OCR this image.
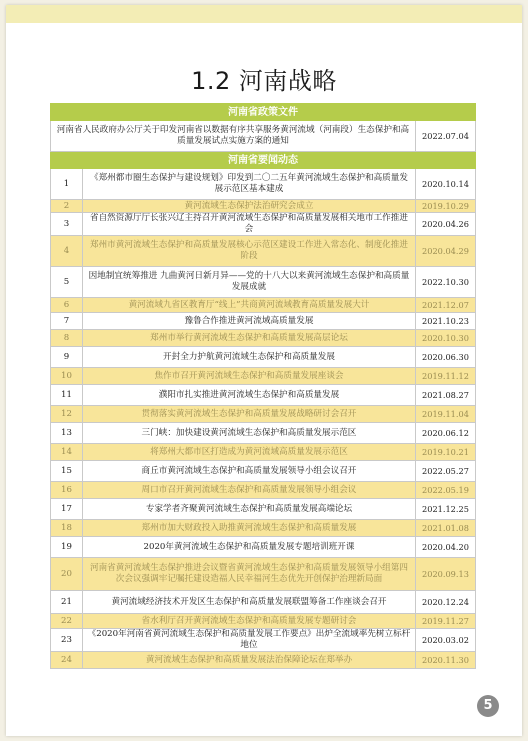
1.2 河南战略
河南省政策文件		
河南省人民政府办公厅关于印发河南省以数据有序共享服务黄河流域（河南段）生态保护和高质量发展试点实施方案的通知		2022.07.04
河南省要闻动态		
1	《郑州都市圈生态保护与建设规划》印发到二〇二五年黄河流域生态保护和高质量发展示范区基本建成	2020.10.14
2	黄河流域生态保护法治研究会成立	2019.10.29
3	省自然资源厅厅长张兴辽主持召开黄河流域生态保护和高质量发展相关地市工作推进会	2020.04.26
4	郑州市黄河流域生态保护和高质量发展核心示范区建设工作进入常态化、制度化推进阶段	2020.04.29
5	因地制宜统筹推进 九曲黄河日新月异——党的十八大以来黄河流域生态保护和高质量发展成就	2022.10.30
6	黄河流域九省区教育厅“线上”共商黄河流域教育高质量发展大计	2021.12.07
7	豫鲁合作推进黄河流域高质量发展	2021.10.23
8	郑州市举行黄河流域生态保护和高质量发展高层论坛	2020.10.30
9	开封全力护航黄河流域生态保护和高质量发展	2020.06.30
10	焦作市召开黄河流域生态保护和高质量发展座谈会	2019.11.12
11	濮阳市扎实推进黄河流域生态保护和高质量发展	2021.08.27
12	贯彻落实黄河流域生态保护和高质量发展战略研讨会召开	2019.11.04
13	三门峡：加快建设黄河流域生态保护和高质量发展示范区	2020.06.12
14	将郑州大都市区打造成为黄河流域高质量发展示范区	2019.10.21
15	商丘市黄河流域生态保护和高质量发展领导小组会议召开	2022.05.27
16	周口市召开黄河流域生态保护和高质量发展领导小组会议	2022.05.19
17	专家学者齐聚黄河流域生态保护和高质量发展高端论坛	2021.12.25
18	郑州市加大财政投入助推黄河流域生态保护和高质量发展	2021.01.08
19	2020年黄河流域生态保护和高质量发展专题培训班开课	2020.04.20
20	河南省黄河流域生态保护推进会议暨省黄河流域生态保护和高质量发展领导小组第四次会议强调牢记嘱托建设造福人民幸福河生态优先开创保护治理新局面	2020.09.13
21	黄河流域经济技术开发区生态保护和高质量发展联盟筹备工作座谈会召开	2020.12.24
22	省水利厅召开黄河流域生态保护和高质量发展专题研讨会	2019.11.27
23	《2020年河南省黄河流域生态保护和高质量发展工作要点》出炉全流域率先树立标杆地位	2020.03.02
24	黄河流域生态保护和高质量发展法治保障论坛在郑举办	2020.11.30
5
